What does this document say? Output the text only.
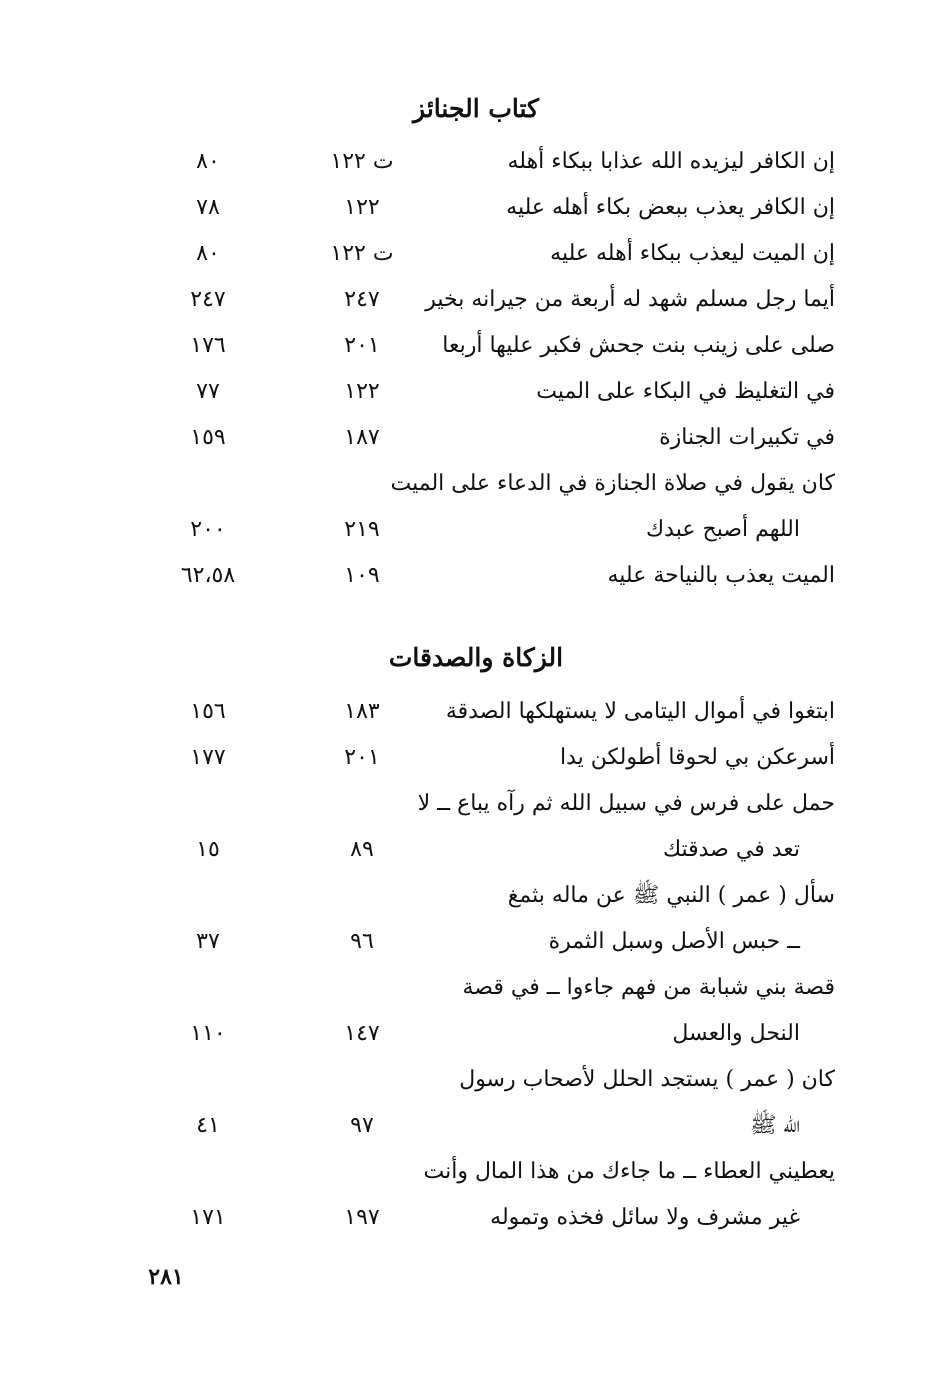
كتاب الجنائز
إن الكافر ليزيده الله عذابا ببكاء أهله
ت ١٢٢
٨٠
إن الكافر يعذب ببعض بكاء أهله عليه
١٢٢
٧٨
إن الميت ليعذب ببكاء أهله عليه
ت ١٢٢
٨٠
أيما رجل مسلم شهد له أربعة من جيرانه بخير
٢٤٧
٢٤٧
صلى على زينب بنت جحش فكبر عليها أربعا
٢٠١
١٧٦
في التغليظ في البكاء على الميت
١٢٢
٧٧
في تكبيرات الجنازة
١٨٧
١٥٩
كان يقول في صلاة الجنازة في الدعاء على الميت
اللهم أصبح عبدك
٢١٩
٢٠٠
الميت يعذب بالنياحة عليه
١٠٩
٦٢،٥٨
الزكاة والصدقات
ابتغوا في أموال اليتامى لا يستهلكها الصدقة
١٨٣
١٥٦
أسرعكن بي لحوقا أطولكن يدا
٢٠١
١٧٧
حمل على فرس في سبيل الله ثم رآه يباع ــ لا
تعد في صدقتك
٨٩
١٥
سأل ( عمر ) النبي ﷺ عن ماله بثمغ
ــ حبس الأصل وسبل الثمرة
٩٦
٣٧
قصة بني شبابة من فهم جاءوا ــ في قصة
النحل والعسل
١٤٧
١١٠
كان ( عمر ) يستجد الحلل لأصحاب رسول
الله ﷺ
٩٧
٤١
يعطيني العطاء ــ ما جاءك من هذا المال وأنت
غير مشرف ولا سائل فخذه وتموله
١٩٧
١٧١
٢٨١
